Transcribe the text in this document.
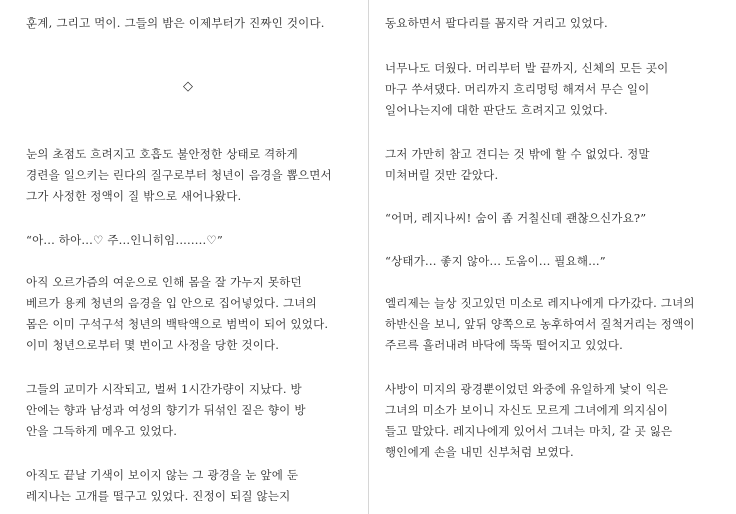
훈계, 그리고 먹이. 그들의 밤은 이제부터가 진짜인 것이다.
◇
눈의 초점도 흐려지고 호흡도 불안정한 상태로 격하게
경련을 일으키는 린다의 질구로부터 청년이 음경을 뽑으면서
그가 사정한 정액이 질 밖으로 새어나왔다.
“아... 하아...♡ 주...인니히임........♡”
아직 오르가즘의 여운으로 인해 몸을 잘 가누지 못하던
베르가 용케 청년의 음경을 입 안으로 집어넣었다. 그녀의
몸은 이미 구석구석 청년의 백탁액으로 범벅이 되어 있었다.
이미 청년으로부터 몇 번이고 사정을 당한 것이다.
그들의 교미가 시작되고, 벌써 1시간가량이 지났다. 방
안에는 향과 남성과 여성의 향기가 뒤섞인 짙은 향이 방
안을 그득하게 메우고 있었다.
아직도 끝날 기색이 보이지 않는 그 광경을 눈 앞에 둔
레지나는 고개를 떨구고 있었다. 진정이 되질 않는지
동요하면서 팔다리를 꼼지락 거리고 있었다.
너무나도 더웠다. 머리부터 발 끝까지, 신체의 모든 곳이
마구 쑤셔댔다. 머리까지 흐리멍텅 해져서 무슨 일이
일어나는지에 대한 판단도 흐려지고 있었다.
그저 가만히 참고 견디는 것 밖에 할 수 없었다. 정말
미쳐버릴 것만 같았다.
“어머, 레지나씨! 숨이 좀 거칠신데 괜찮으신가요?”
“상태가... 좋지 않아... 도움이... 필요해...”
엘리제는 늘상 짓고있던 미소로 레지나에게 다가갔다. 그녀의
하반신을 보니, 앞뒤 양쪽으로 농후하여서 질척거리는 정액이
주르륵 흘러내려 바닥에 뚝뚝 떨어지고 있었다.
사방이 미지의 광경뿐이었던 와중에 유일하게 낯이 익은
그녀의 미소가 보이니 자신도 모르게 그녀에게 의지심이
들고 말았다. 레지나에게 있어서 그녀는 마치, 갈 곳 잃은
행인에게 손을 내민 신부처럼 보였다.
